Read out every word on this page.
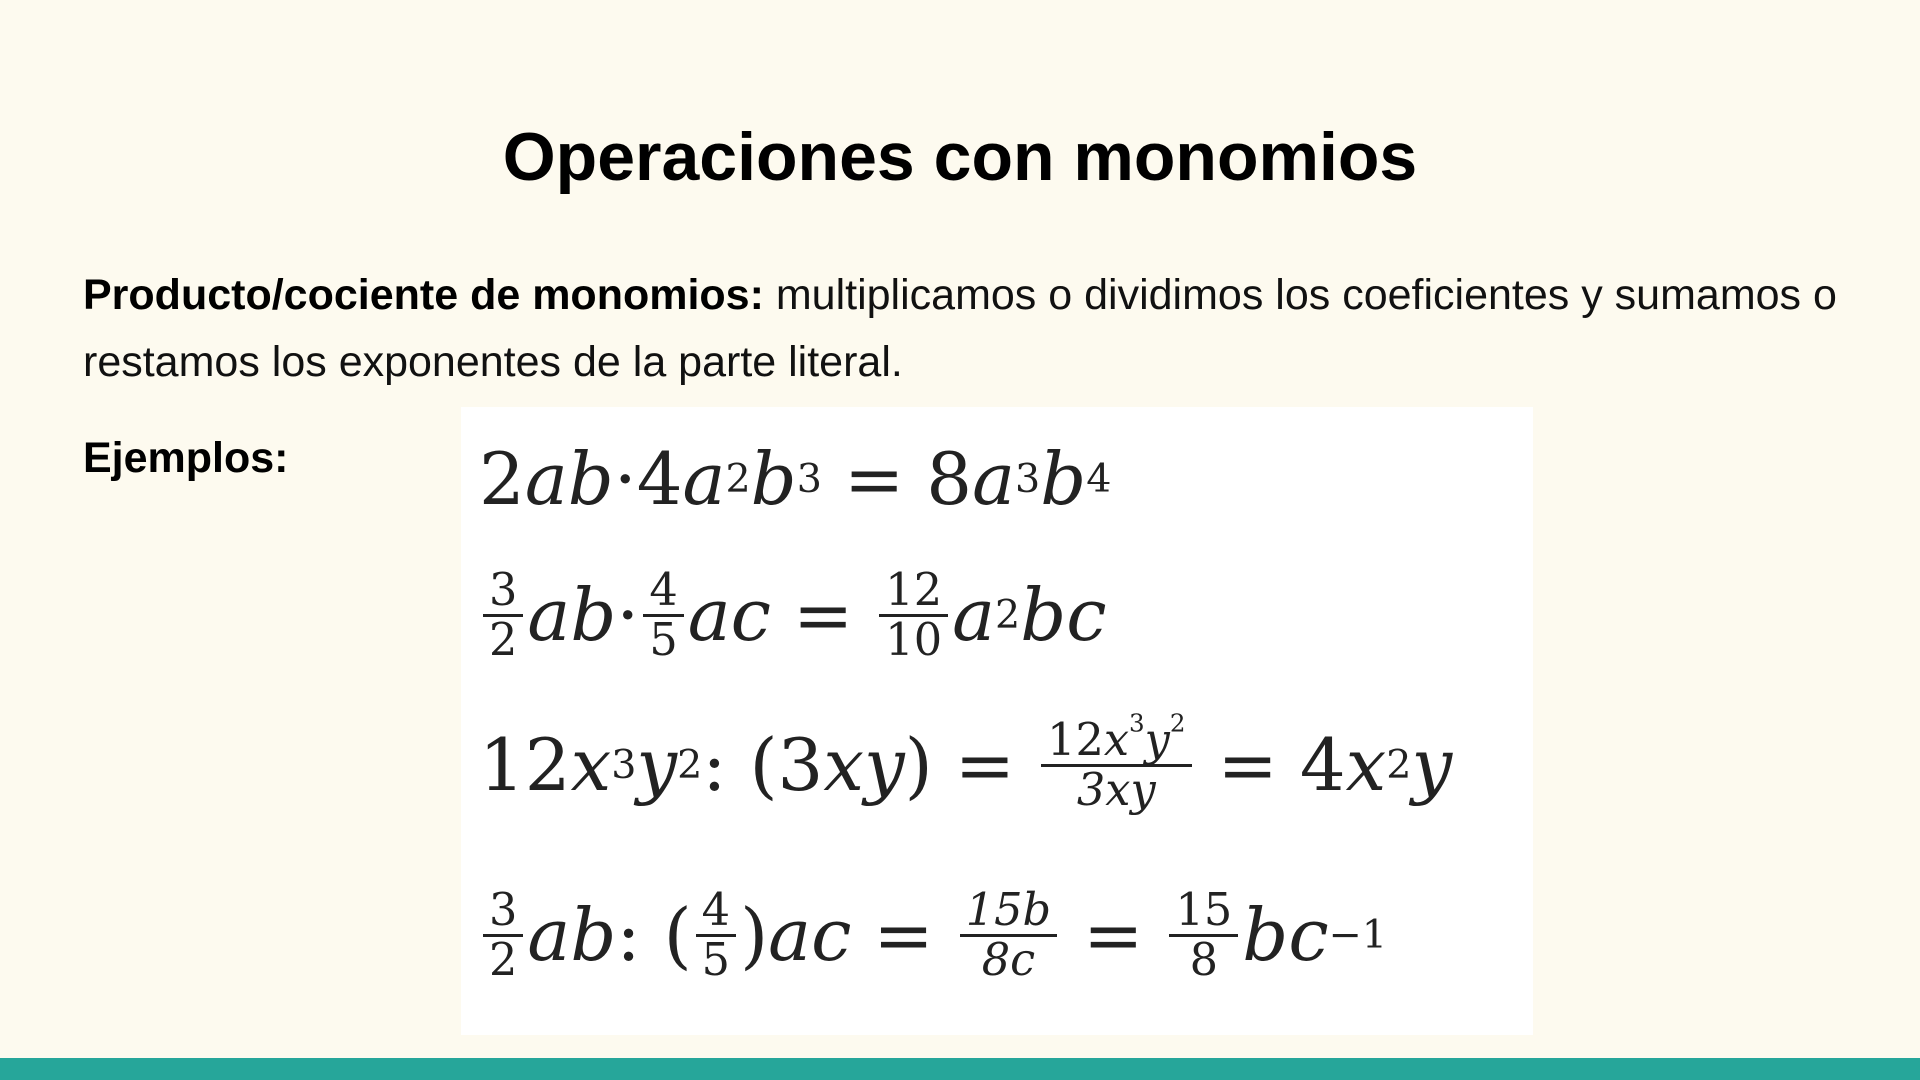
Operaciones con monomios

Producto/cociente de monomios: multiplicamos o dividimos los coeficientes y sumamos o restamos los exponentes de la parte literal.

Ejemplos:	2 ab ·4 a 2 b 3 = 8 a 3 b 4
$\frac{3}{2}$ ab · $\frac{4}{5}$ ac = $\frac{12}{10}$ a 2 bc
12 x 3 y 2 :
(3 xy ) = $\frac{12x^3y^2}{3xy} = 4$ x 2 y
$\frac{3}{2}$ ab :
( $\frac{4}{5}$ ) ac = $\frac{15b}{8c} = \frac{15}{8}$ bc −1
